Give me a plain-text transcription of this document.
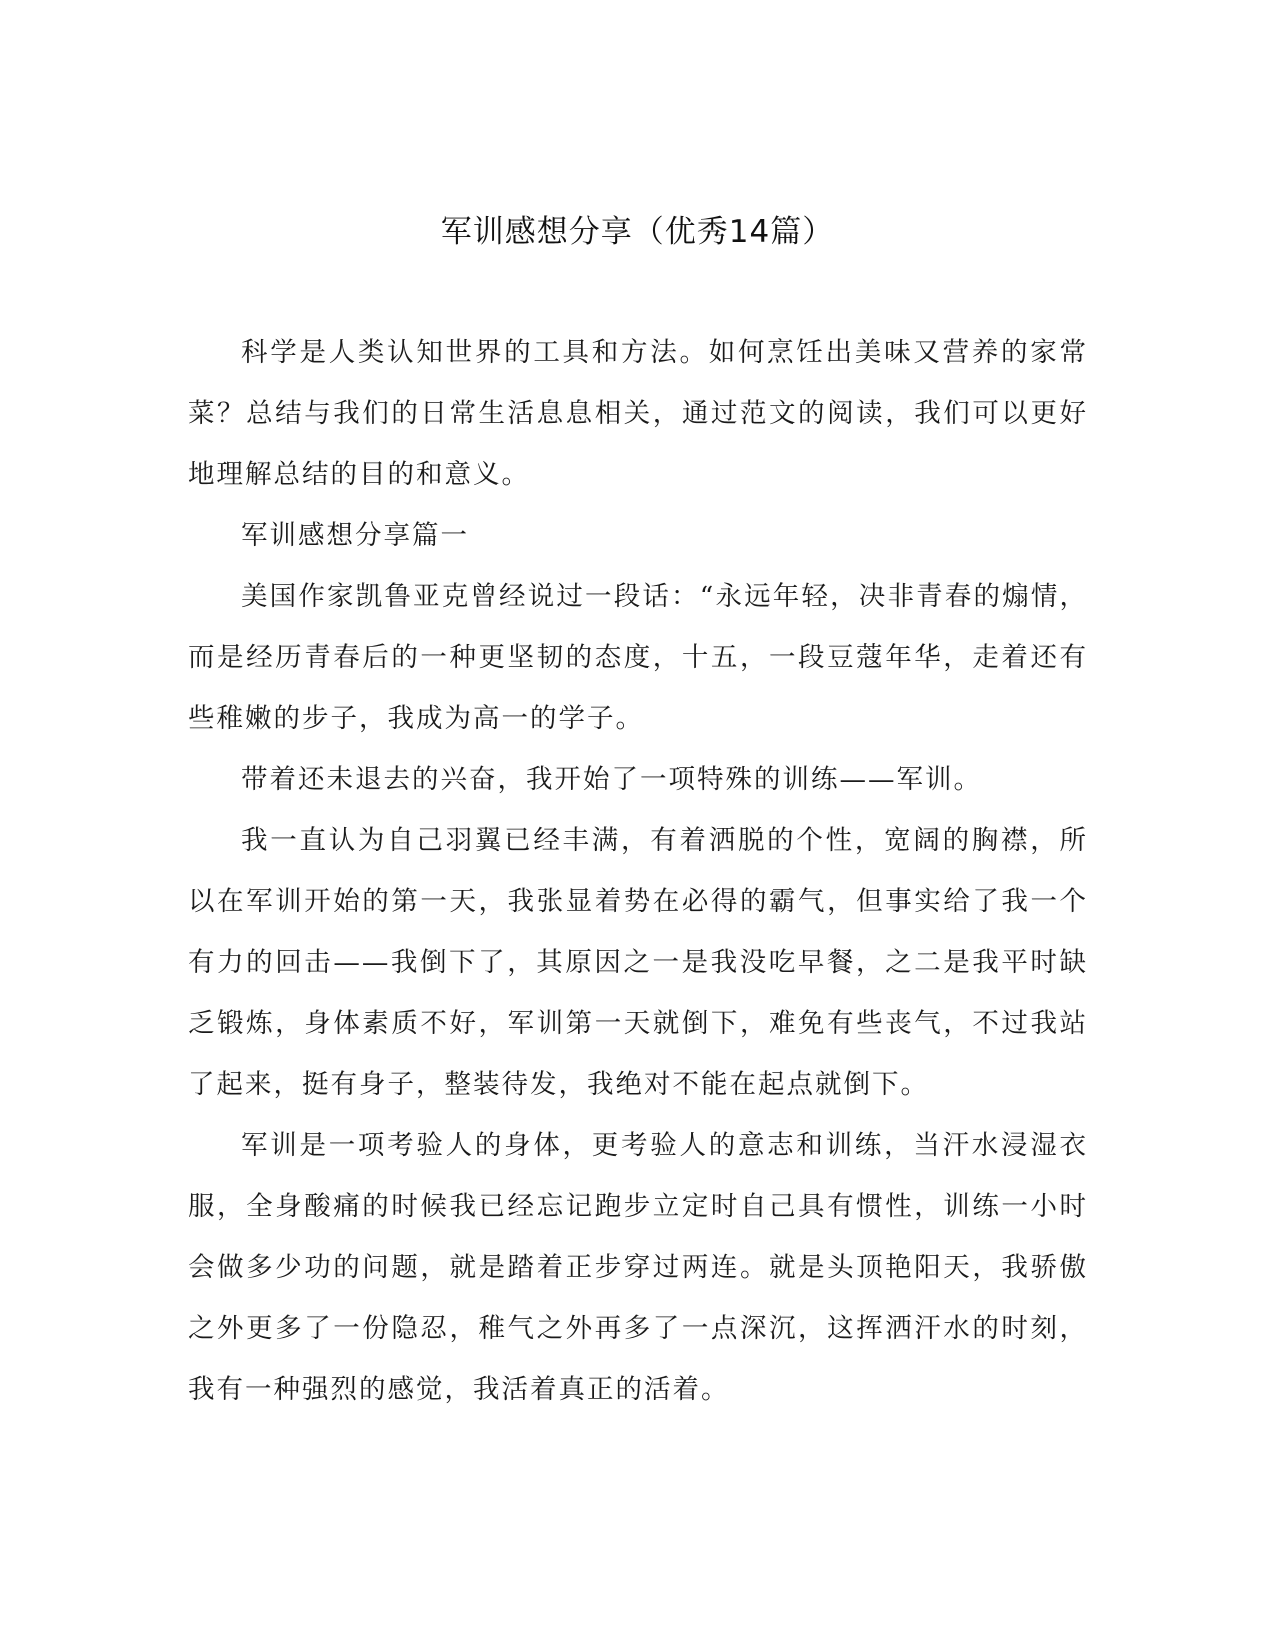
军训感想分享（优秀14篇）

科学是人类认知世界的工具和方法。如何烹饪出美味又营养的家常菜？总结与我们的日常生活息息相关，通过范文的阅读，我们可以更好地理解总结的目的和意义。

军训感想分享篇一

美国作家凯鲁亚克曾经说过一段话：“永远年轻，决非青春的煽情，而是经历青春后的一种更坚韧的态度，十五，一段豆蔻年华，走着还有些稚嫩的步子，我成为高一的学子。

带着还未退去的兴奋，我开始了一项特殊的训练——军训。

我一直认为自己羽翼已经丰满，有着洒脱的个性，宽阔的胸襟，所以在军训开始的第一天，我张显着势在必得的霸气，但事实给了我一个有力的回击——我倒下了，其原因之一是我没吃早餐，之二是我平时缺乏锻炼，身体素质不好，军训第一天就倒下，难免有些丧气，不过我站了起来，挺有身子，整装待发，我绝对不能在起点就倒下。

军训是一项考验人的身体，更考验人的意志和训练，当汗水浸湿衣服，全身酸痛的时候我已经忘记跑步立定时自己具有惯性，训练一小时会做多少功的问题，就是踏着正步穿过两连。就是头顶艳阳天，我骄傲之外更多了一份隐忍，稚气之外再多了一点深沉，这挥洒汗水的时刻，我有一种强烈的感觉，我活着真正的活着。
